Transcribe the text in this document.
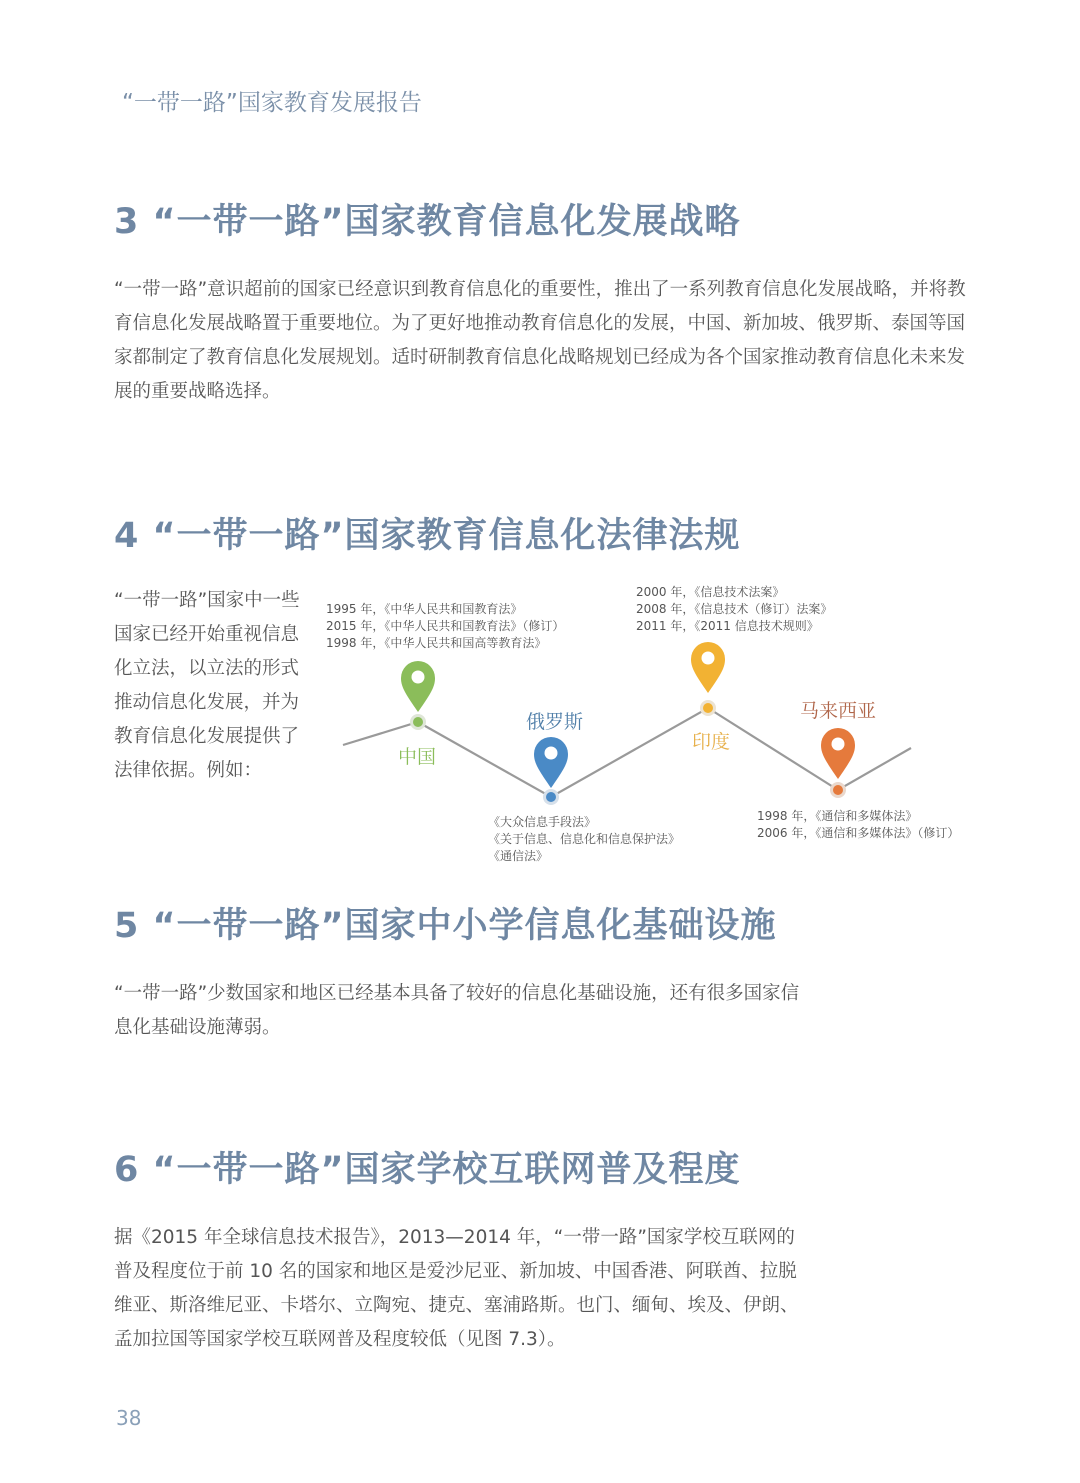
“一带一路”国家教育发展报告
3 “一带一路”国家教育信息化发展战略
“一带一路”意识超前的国家已经意识到教育信息化的重要性，推出了一系列教育信息化发展战略，并将教育信息化发展战略置于重要地位。为了更好地推动教育信息化的发展，中国、新加坡、俄罗斯、泰国等国家都制定了教育信息化发展规划。适时研制教育信息化战略规划已经成为各个国家推动教育信息化未来发展的重要战略选择。
4 “一带一路”国家教育信息化法律法规
“一带一路”国家中一些国家已经开始重视信息化立法，以立法的形式推动信息化发展，并为教育信息化发展提供了法律依据。例如：
中国
俄罗斯
印度
马来西亚
1995 年，《中华人民共和国教育法》
2015 年，《中华人民共和国教育法》（修订）
1998 年，《中华人民共和国高等教育法》
《大众信息手段法》
《关于信息、信息化和信息保护法》
《通信法》
2000 年，《信息技术法案》
2008 年，《信息技术（修订）法案》
2011 年，《2011 信息技术规则》
1998 年，《通信和多媒体法》
2006 年，《通信和多媒体法》（修订）
5 “一带一路”国家中小学信息化基础设施
“一带一路”少数国家和地区已经基本具备了较好的信息化基础设施，还有很多国家信息化基础设施薄弱。
6 “一带一路”国家学校互联网普及程度
据《2015 年全球信息技术报告》，2013—2014 年，“一带一路”国家学校互联网的普及程度位于前 10 名的国家和地区是爱沙尼亚、新加坡、中国香港、阿联酋、拉脱维亚、斯洛维尼亚、卡塔尔、立陶宛、捷克、塞浦路斯。也门、缅甸、埃及、伊朗、孟加拉国等国家学校互联网普及程度较低（见图 7.3）。
38
